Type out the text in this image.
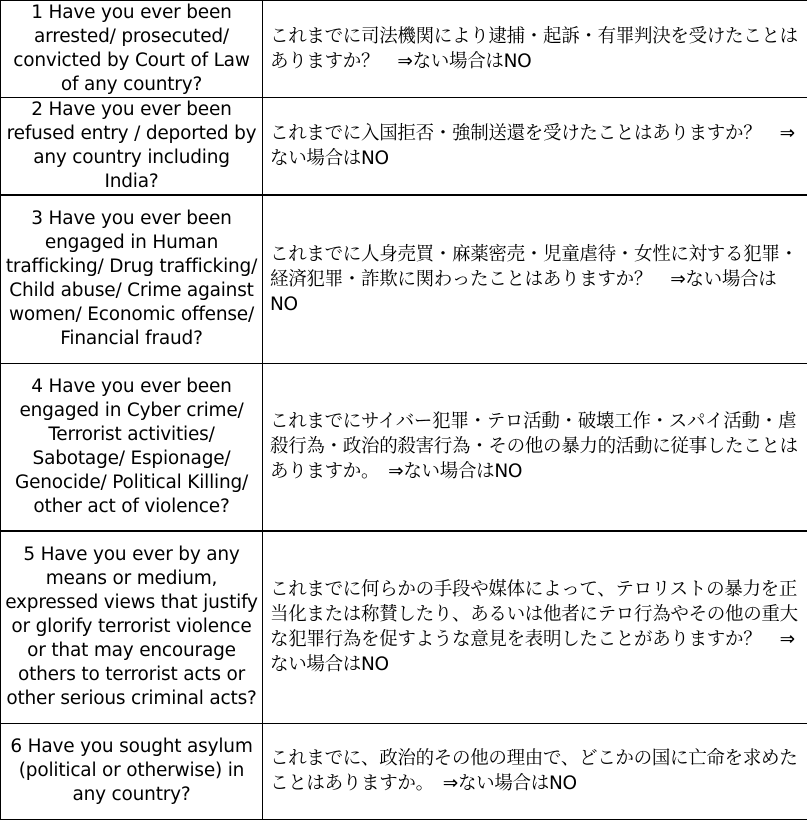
1 Have you ever been arrested/ prosecuted/ convicted by Court of Law of any country?	これまでに司法機関により逮捕・起訴・有罪判決を受けたことはありますか？　⇒ない場合はNO

2 Have you ever been refused entry / deported by any country including India?	これまでに入国拒否・強制送還を受けたことはありますか？　⇒ない場合はNO

3 Have you ever been engaged in Human trafficking/ Drug trafficking/ Child abuse/ Crime against women/ Economic offense/ Financial fraud?	これまでに人身売買・麻薬密売・児童虐待・女性に対する犯罪・経済犯罪・詐欺に関わったことはありますか？　⇒ない場合はNO

4 Have you ever been engaged in Cyber crime/ Terrorist activities/ Sabotage/ Espionage/ Genocide/ Political Killing/ other act of violence?	これまでにサイバー犯罪・テロ活動・破壊工作・スパイ活動・虐殺行為・政治的殺害行為・その他の暴力的活動に従事したことはありますか。　⇒ない場合はNO

5 Have you ever by any means or medium, expressed views that justify or glorify terrorist violence or that may encourage others to terrorist acts or other serious criminal acts?	これまでに何らかの手段や媒体によって、テロリストの暴力を正当化または称賛したり、あるいは他者にテロ行為やその他の重大な犯罪行為を促すような意見を表明したことがありますか？　⇒ない場合はNO

6 Have you sought asylum (political or otherwise) in any country?	これまでに、政治的その他の理由で、どこかの国に亡命を求めたことはありますか。　⇒ない場合はNO
